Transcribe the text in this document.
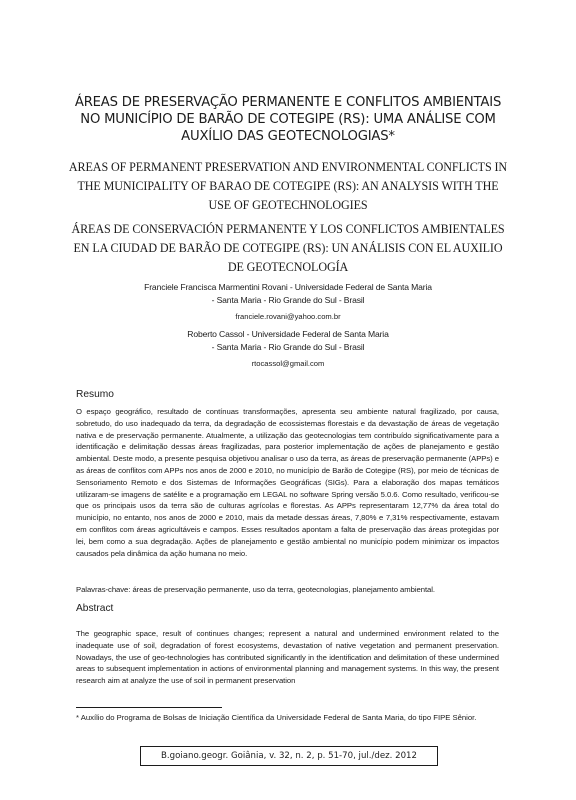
ÁREAS DE PRESERVAÇÃO PERMANENTE E CONFLITOS AMBIENTAIS NO MUNICÍPIO DE BARÃO DE COTEGIPE (RS): UMA ANÁLISE COM AUXÍLIO DAS GEOTECNOLOGIAS*
AREAS OF PERMANENT PRESERVATION AND ENVIRONMENTAL CONFLICTS IN THE MUNICIPALITY OF BARAO DE COTEGIPE (RS): AN ANALYSIS WITH THE USE OF GEOTECHNOLOGIES
ÁREAS DE CONSERVACIÓN PERMANENTE Y LOS CONFLICTOS AMBIENTALES EN LA CIUDAD DE BARÃO DE COTEGIPE (RS): UN ANÁLISIS CON EL AUXILIO DE GEOTECNOLOGÍA
Franciele Francisca Marmentini Rovani - Universidade Federal de Santa Maria
- Santa Maria - Rio Grande do Sul - Brasil
franciele.rovani@yahoo.com.br
Roberto Cassol - Universidade Federal de Santa Maria
- Santa Maria - Rio Grande do Sul - Brasil
rtocassol@gmail.com
Resumo

O espaço geográfico, resultado de contínuas transformações, apresenta seu ambiente natural fragilizado, por causa, sobretudo, do uso inadequado da terra, da degradação de ecossistemas florestais e da devastação de áreas de vegetação nativa e de preservação permanente. Atualmente, a utilização das geotecnologias tem contribuído significativamente para a identificação e delimitação dessas áreas fragilizadas, para posterior implementação de ações de planejamento e gestão ambiental. Deste modo, a presente pesquisa objetivou analisar o uso da terra, as áreas de preservação permanente (APPs) e as áreas de conflitos com APPs nos anos de 2000 e 2010, no município de Barão de Cotegipe (RS), por meio de técnicas de Sensoriamento Remoto e dos Sistemas de Informações Geográficas (SIGs). Para a elaboração dos mapas temáticos utilizaram-se imagens de satélite e a programação em LEGAL no software Spring versão 5.0.6. Como resultado, verificou-se que os principais usos da terra são de culturas agrícolas e florestas. As APPs representaram 12,77% da área total do município, no entanto, nos anos de 2000 e 2010, mais da metade dessas áreas, 7,80% e 7,31% respectivamente, estavam em conflitos com áreas agricultáveis e campos. Esses resultados apontam a falta de preservação das áreas protegidas por lei, bem como a sua degradação. Ações de planejamento e gestão ambiental no município podem minimizar os impactos causados pela dinâmica da ação humana no meio.

Palavras-chave: áreas de preservação permanente, uso da terra, geotecnologias, planejamento ambiental.

Abstract

The geographic space, result of continues changes; represent a natural and undermined environment related to the inadequate use of soil, degradation of forest ecosystems, devastation of native vegetation and permanent preservation. Nowadays, the use of geo-technologies has contributed significantly in the identification and delimitation of these undermined areas to subsequent implementation in actions of environmental planning and management systems. In this way, the present research aim at analyze the use of soil in permanent preservation

* Auxílio do Programa de Bolsas de Iniciação Científica da Universidade Federal de Santa Maria, do tipo FIPE Sênior.

B.goiano.geogr. Goiânia, v. 32, n. 2, p. 51-70, jul./dez. 2012
